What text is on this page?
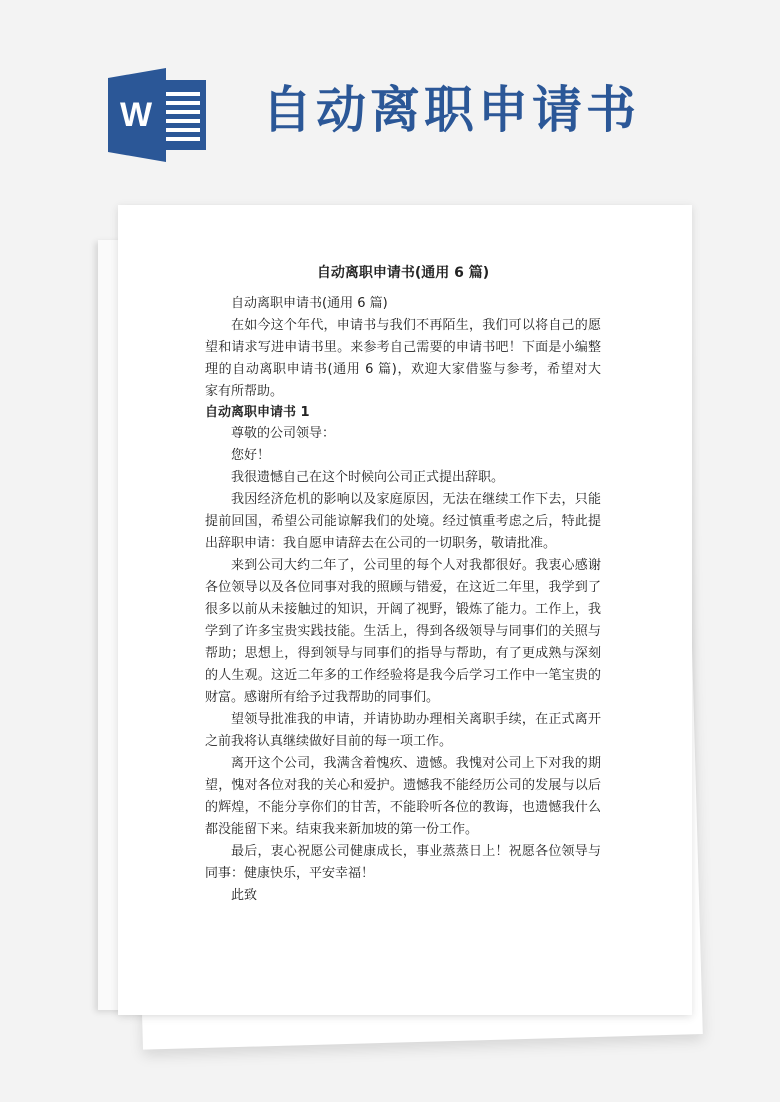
W 自动离职申请书
自动离职申请书(通用 6 篇)
自动离职申请书(通用 6 篇)
在如今这个年代，申请书与我们不再陌生，我们可以将自己的愿
望和请求写进申请书里。来参考自己需要的申请书吧！下面是小编整
理的自动离职申请书(通用 6 篇)，欢迎大家借鉴与参考，希望对大
家有所帮助。
自动离职申请书 1
尊敬的公司领导：
您好！
我很遗憾自己在这个时候向公司正式提出辞职。
我因经济危机的影响以及家庭原因，无法在继续工作下去，只能
提前回国，希望公司能谅解我们的处境。经过慎重考虑之后，特此提
出辞职申请：我自愿申请辞去在公司的一切职务，敬请批准。
来到公司大约二年了，公司里的每个人对我都很好。我衷心感谢
各位领导以及各位同事对我的照顾与错爱，在这近二年里，我学到了
很多以前从未接触过的知识，开阔了视野，锻炼了能力。工作上，我
学到了许多宝贵实践技能。生活上，得到各级领导与同事们的关照与
帮助；思想上，得到领导与同事们的指导与帮助，有了更成熟与深刻
的人生观。这近二年多的工作经验将是我今后学习工作中一笔宝贵的
财富。感谢所有给予过我帮助的同事们。
望领导批准我的申请，并请协助办理相关离职手续，在正式离开
之前我将认真继续做好目前的每一项工作。
离开这个公司，我满含着愧疚、遗憾。我愧对公司上下对我的期
望，愧对各位对我的关心和爱护。遗憾我不能经历公司的发展与以后
的辉煌，不能分享你们的甘苦，不能聆听各位的教诲，也遗憾我什么
都没能留下来。结束我来新加坡的第一份工作。
最后，衷心祝愿公司健康成长，事业蒸蒸日上！祝愿各位领导与
同事：健康快乐，平安幸福！
此致
